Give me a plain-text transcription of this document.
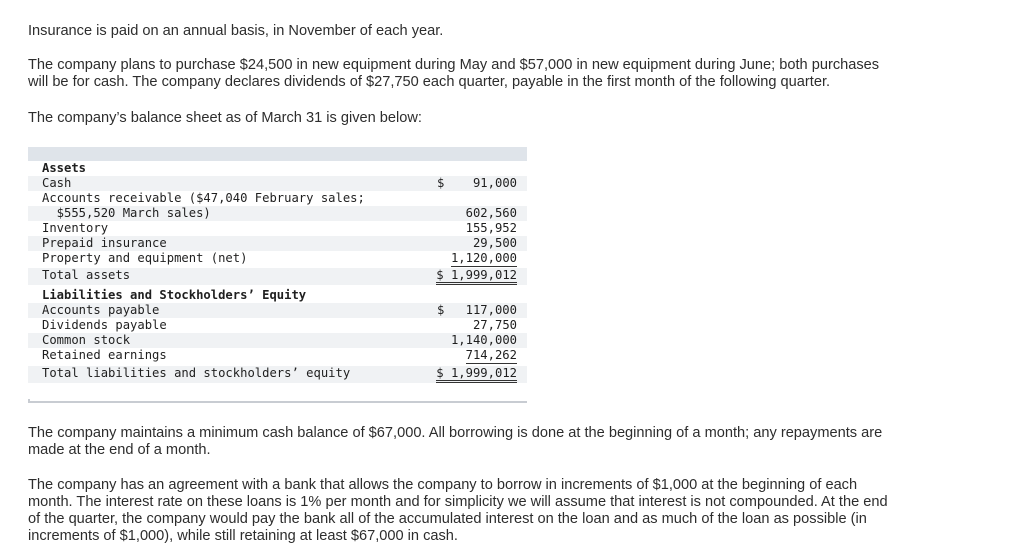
Insurance is paid on an annual basis, in November of each year.

The company plans to purchase $24,500 in new equipment during May and $57,000 in new equipment during June; both purchases
will be for cash. The company declares dividends of $27,750 each quarter, payable in the first month of the following quarter.

The company’s balance sheet as of March 31 is given below:

Assets
Cash	$ 91,000
Accounts receivable ($47,040 February sales;
$555,520 March sales)	602,560
Inventory	155,952
Prepaid insurance	29,500
Property and equipment (net)	1,120,000
Total assets	$ 1,999,012
Liabilities and Stockholders’ Equity
Accounts payable	$ 117,000
Dividends payable	27,750
Common stock	1,140,000
Retained earnings	714,262
Total liabilities and stockholders’ equity	$ 1,999,012

The company maintains a minimum cash balance of $67,000. All borrowing is done at the beginning of a month; any repayments are
made at the end of a month.

The company has an agreement with a bank that allows the company to borrow in increments of $1,000 at the beginning of each
month. The interest rate on these loans is 1% per month and for simplicity we will assume that interest is not compounded. At the end
of the quarter, the company would pay the bank all of the accumulated interest on the loan and as much of the loan as possible (in
increments of $1,000), while still retaining at least $67,000 in cash.
